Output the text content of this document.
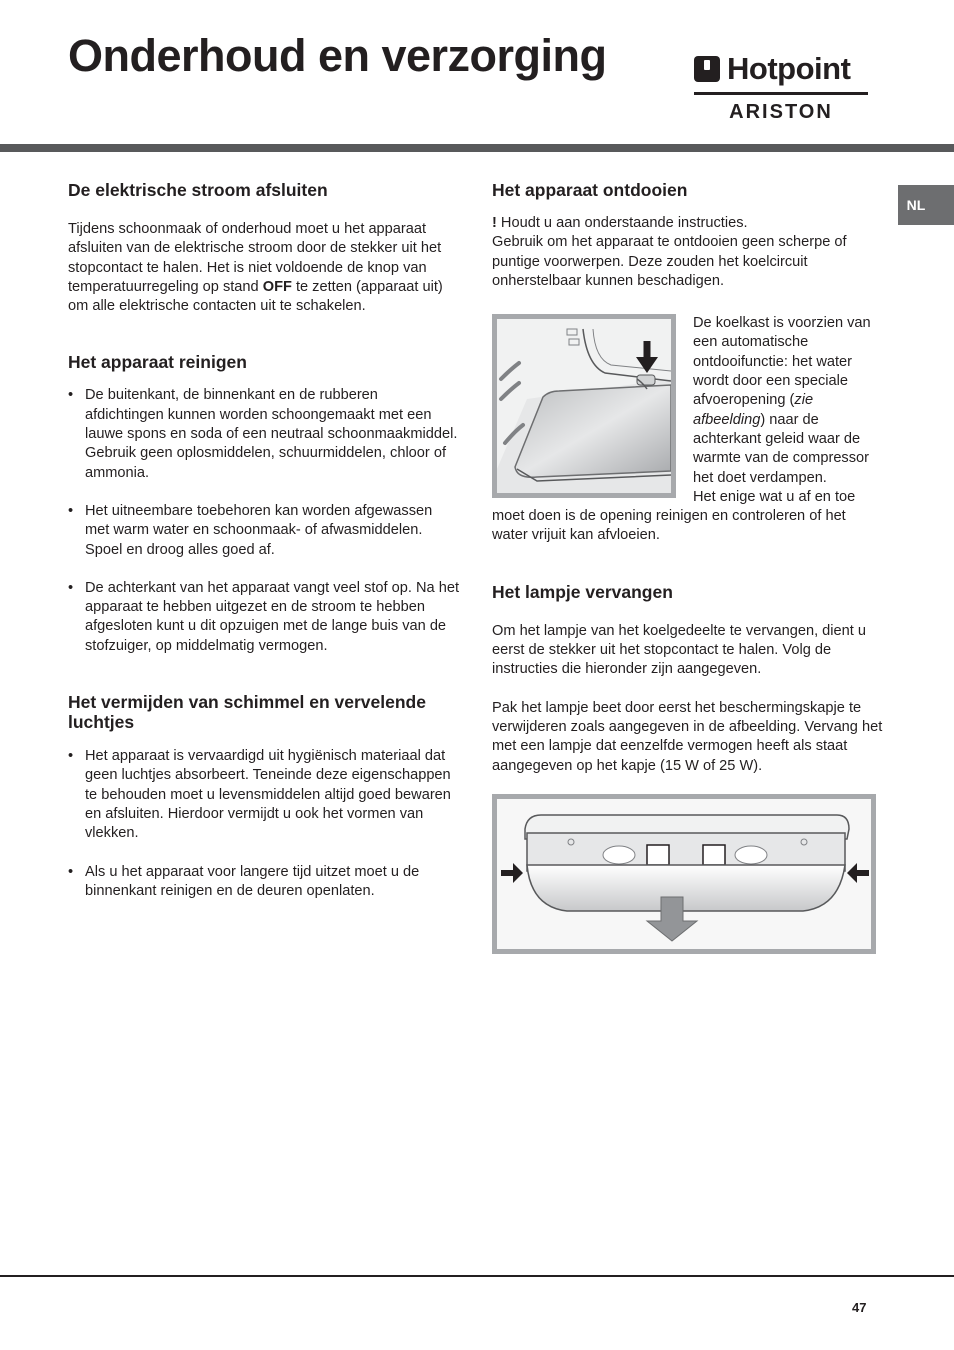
Onderhoud en verzorging	Hotpoint
ARISTON
NL
De elektrische stroom afsluiten

Tijdens schoonmaak of onderhoud moet u het apparaat afsluiten van de elektrische stroom door de stekker uit het stopcontact te halen. Het is niet voldoende de knop van temperatuurregeling op stand OFF te zetten (apparaat uit) om alle elektrische contacten uit te schakelen.

Het apparaat reinigen
• De buitenkant, de binnenkant en de rubberen afdichtingen kunnen worden schoongemaakt met een lauwe spons en soda of een neutraal schoonmaakmiddel. Gebruik geen oplosmiddelen, schuurmiddelen, chloor of ammonia.
• Het uitneembare toebehoren kan worden afgewassen met warm water en schoonmaak- of afwasmiddelen. Spoel en droog alles goed af.
• De achterkant van het apparaat vangt veel stof op. Na het apparaat te hebben uitgezet en de stroom te hebben afgesloten kunt u dit opzuigen met de lange buis van de stofzuiger, op middelmatig vermogen.
Het vermijden van schimmel en vervelende luchtjes
• Het apparaat is vervaardigd uit hygiënisch materiaal dat geen luchtjes absorbeert. Teneinde deze eigenschappen te behouden moet u levensmiddelen altijd goed bewaren en afsluiten. Hierdoor vermijdt u ook het vormen van vlekken.
• Als u het apparaat voor langere tijd uitzet moet u de binnenkant reinigen en de deuren openlaten.
Het apparaat ontdooien

! Houdt u aan onderstaande instructies.
Gebruik om het apparaat te ontdooien geen scherpe of puntige voorwerpen. Deze zouden het koelcircuit onherstelbaar kunnen beschadigen.

De koelkast is voorzien van een automatische ontdooifunctie: het water wordt door een speciale afvoeropening (zie afbeelding) naar de achterkant geleid waar de warmte van de compressor het doet verdampen.
Het enige wat u af en toe moet doen is de opening reinigen en controleren of het water vrijuit kan afvloeien.

Het lampje vervangen

Om het lampje van het koelgedeelte te vervangen, dient u eerst de stekker uit het stopcontact te halen. Volg de instructies die hieronder zijn aangegeven.

Pak het lampje beet door eerst het beschermingskapje te verwijderen zoals aangegeven in de afbeelding. Vervang het met een lampje dat eenzelfde vermogen heeft als staat aangegeven op het kapje (15 W of 25 W).

47
